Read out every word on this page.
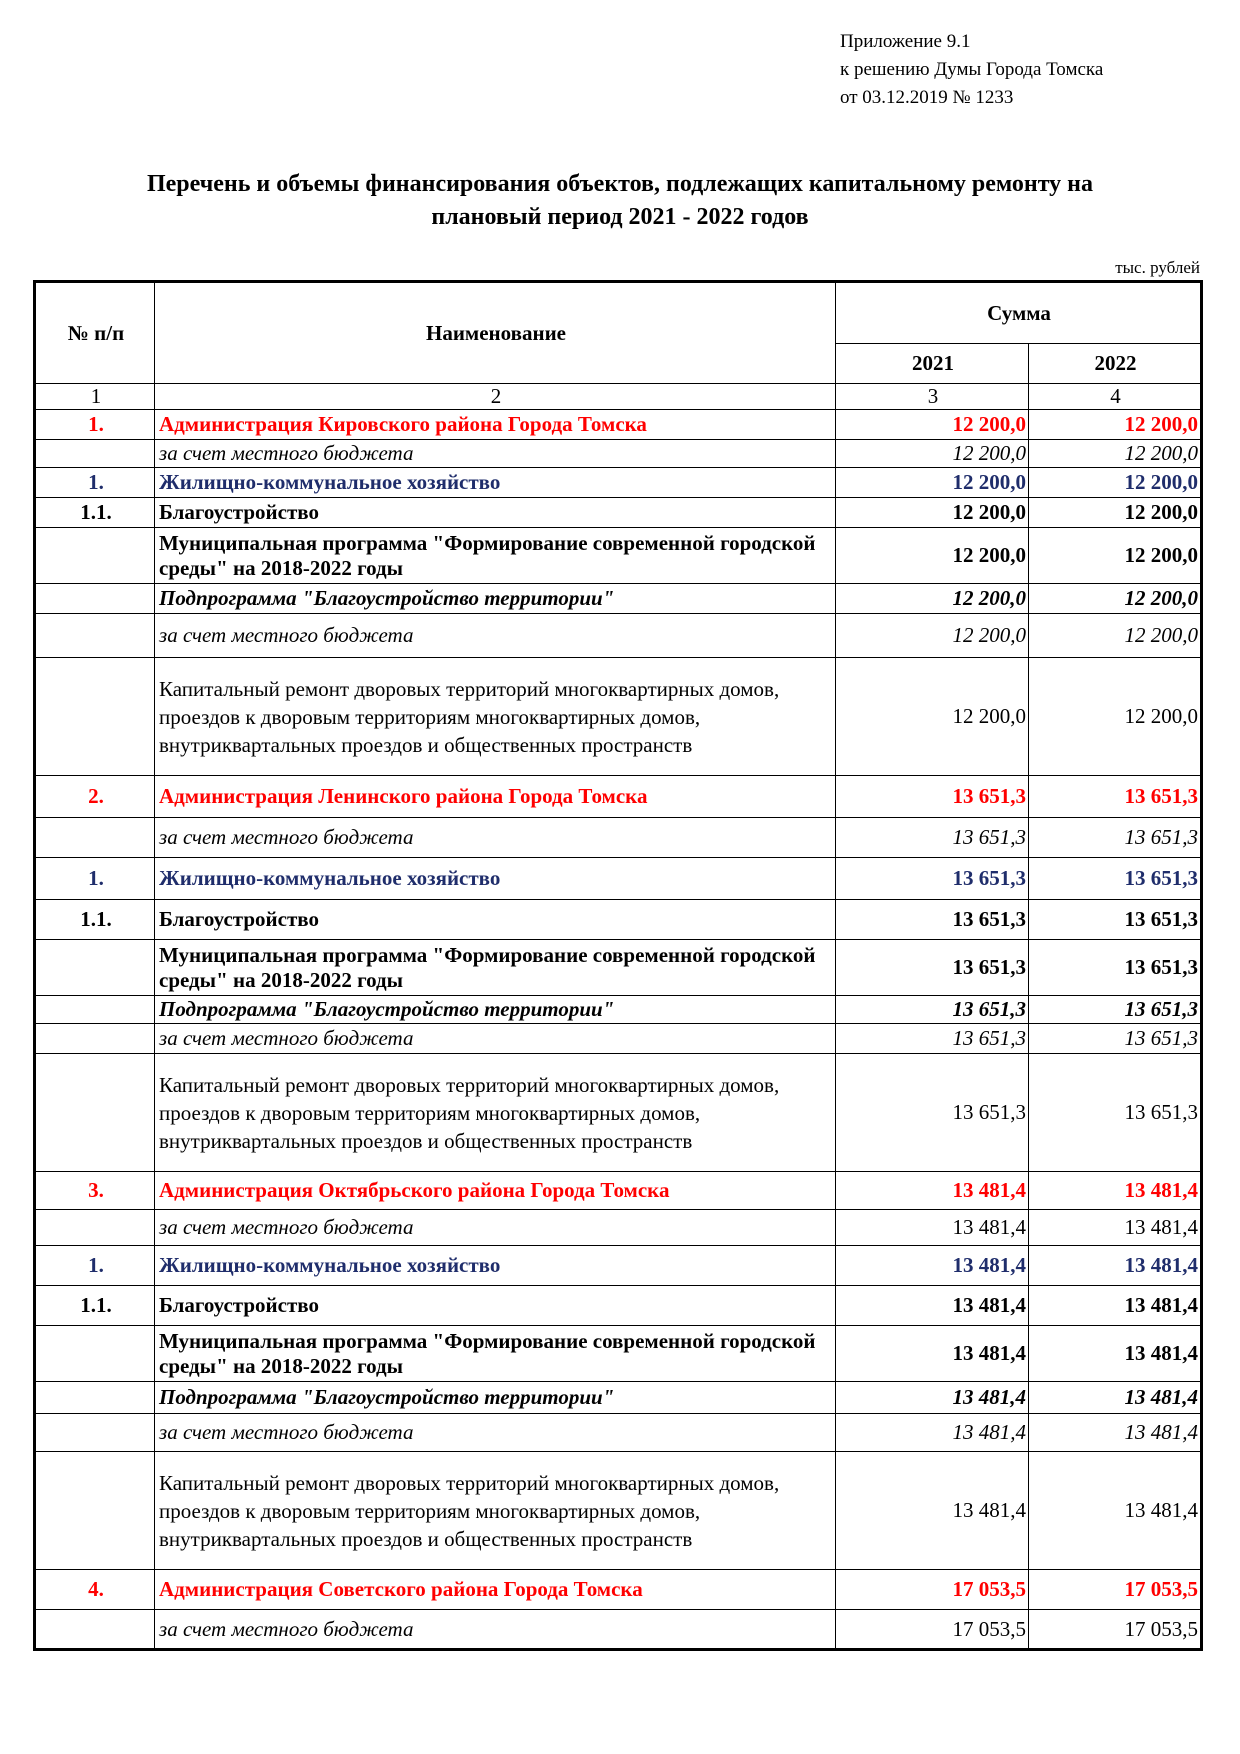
Приложение 9.1
к решению Думы Города Томска
от 03.12.2019 № 1233
Перечень и объемы финансирования объектов, подлежащих капитальному ремонту на
плановый период 2021 - 2022 годов
тыс. рублей
№ п/п	Наименование	Сумма	
		2021	2022
1	2	3	4
1.	Администрация Кировского района Города Томска	12 200,0	12 200,0
	за счет местного бюджета	12 200,0	12 200,0
1.	Жилищно-коммунальное хозяйство	12 200,0	12 200,0
1.1.	Благоустройство	12 200,0	12 200,0
	Муниципальная программа "Формирование современной городской среды" на 2018-2022 годы	12 200,0	12 200,0
	Подпрограмма "Благоустройство территории"	12 200,0	12 200,0
	за счет местного бюджета	12 200,0	12 200,0
	Капитальный ремонт дворовых территорий многоквартирных домов, проездов к дворовым территориям многоквартирных домов, внутриквартальных проездов и общественных пространств	12 200,0	12 200,0
2.	Администрация Ленинского района Города Томска	13 651,3	13 651,3
	за счет местного бюджета	13 651,3	13 651,3
1.	Жилищно-коммунальное хозяйство	13 651,3	13 651,3
1.1.	Благоустройство	13 651,3	13 651,3
	Муниципальная программа "Формирование современной городской среды" на 2018-2022 годы	13 651,3	13 651,3
	Подпрограмма "Благоустройство территории"	13 651,3	13 651,3
	за счет местного бюджета	13 651,3	13 651,3
	Капитальный ремонт дворовых территорий многоквартирных домов, проездов к дворовым территориям многоквартирных домов, внутриквартальных проездов и общественных пространств	13 651,3	13 651,3
3.	Администрация Октябрьского района Города Томска	13 481,4	13 481,4
	за счет местного бюджета	13 481,4	13 481,4
1.	Жилищно-коммунальное хозяйство	13 481,4	13 481,4
1.1.	Благоустройство	13 481,4	13 481,4
	Муниципальная программа "Формирование современной городской среды" на 2018-2022 годы	13 481,4	13 481,4
	Подпрограмма "Благоустройство территории"	13 481,4	13 481,4
	за счет местного бюджета	13 481,4	13 481,4
	Капитальный ремонт дворовых территорий многоквартирных домов, проездов к дворовым территориям многоквартирных домов, внутриквартальных проездов и общественных пространств	13 481,4	13 481,4
4.	Администрация Советского района Города Томска	17 053,5	17 053,5
	за счет местного бюджета	17 053,5	17 053,5
